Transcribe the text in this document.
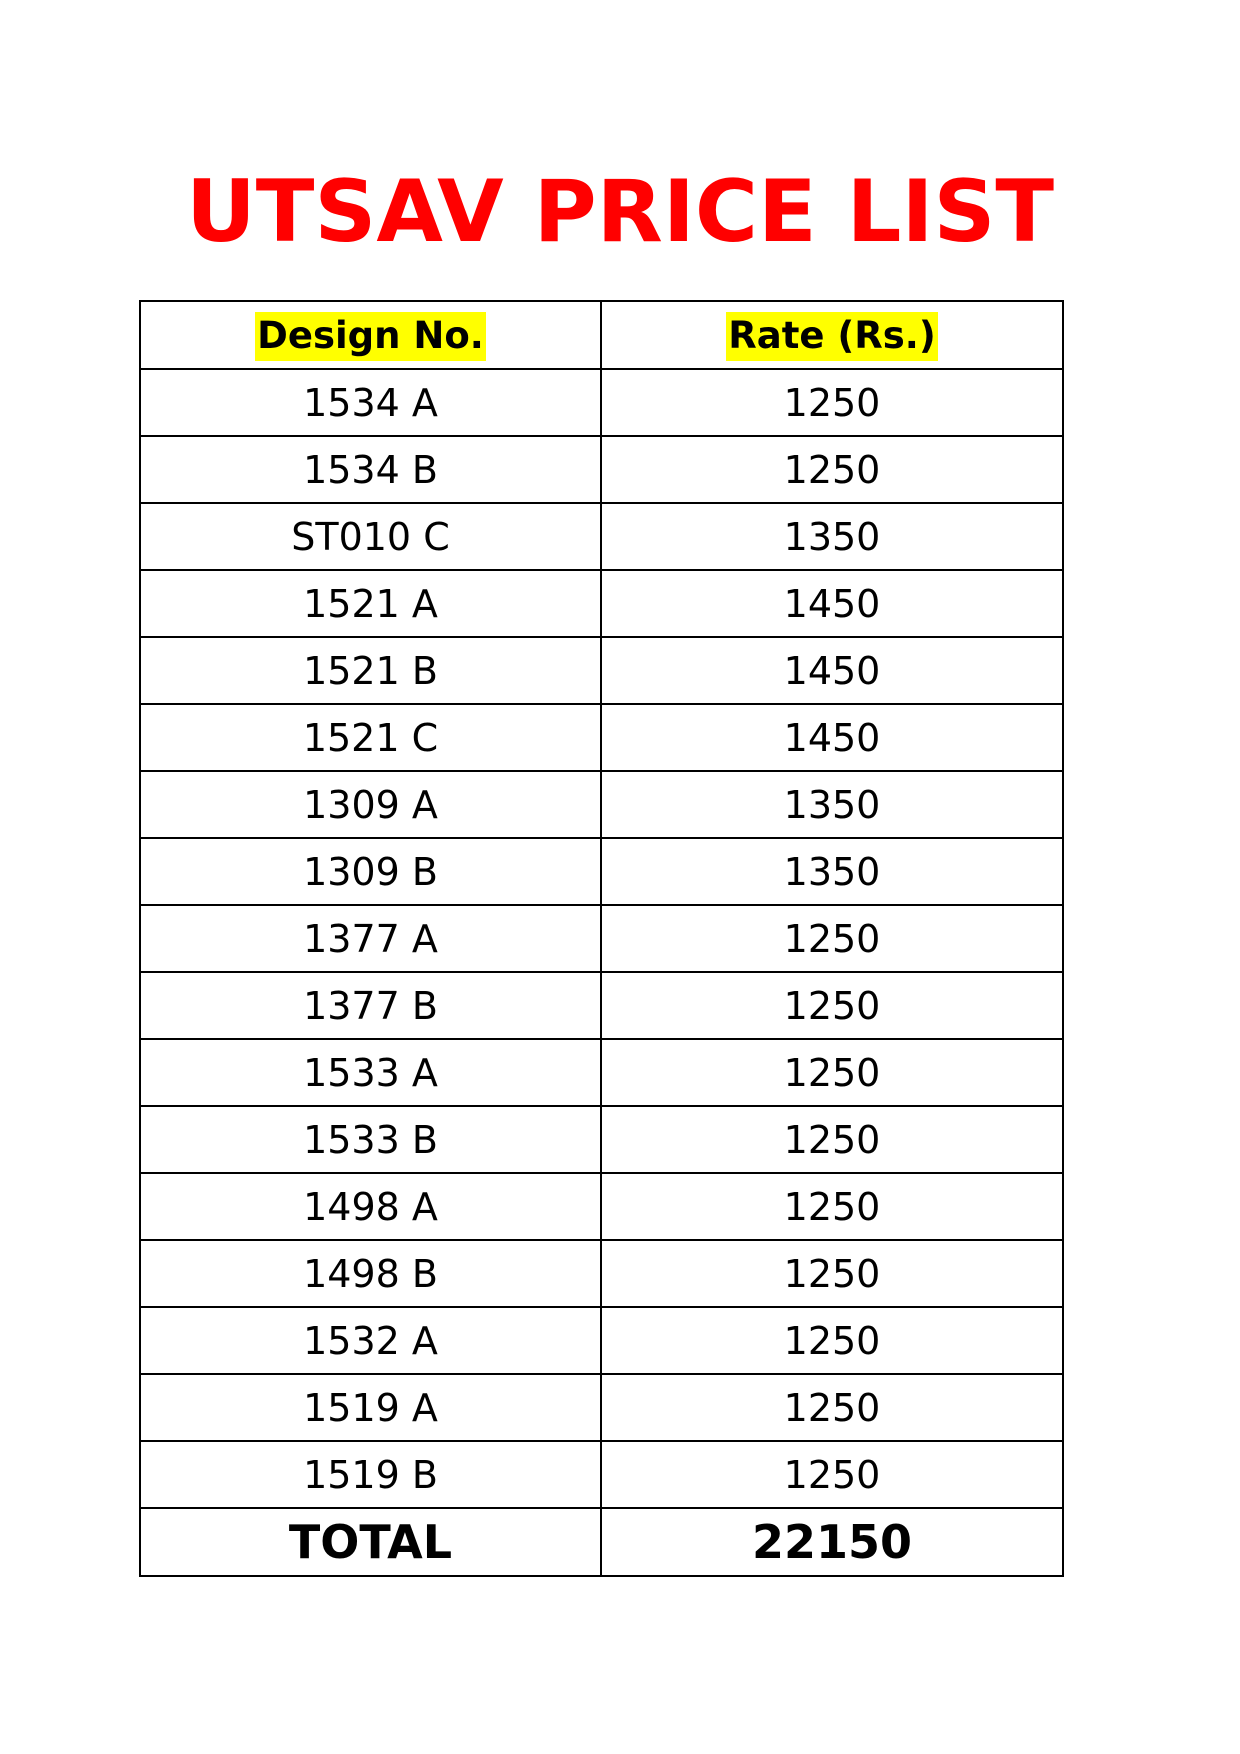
UTSAV PRICE LIST
Design No.	Rate (Rs.)
1534 A	1250
1534 B	1250
ST010 C	1350
1521 A	1450
1521 B	1450
1521 C	1450
1309 A	1350
1309 B	1350
1377 A	1250
1377 B	1250
1533 A	1250
1533 B	1250
1498 A	1250
1498 B	1250
1532 A	1250
1519 A	1250
1519 B	1250
TOTAL	22150
